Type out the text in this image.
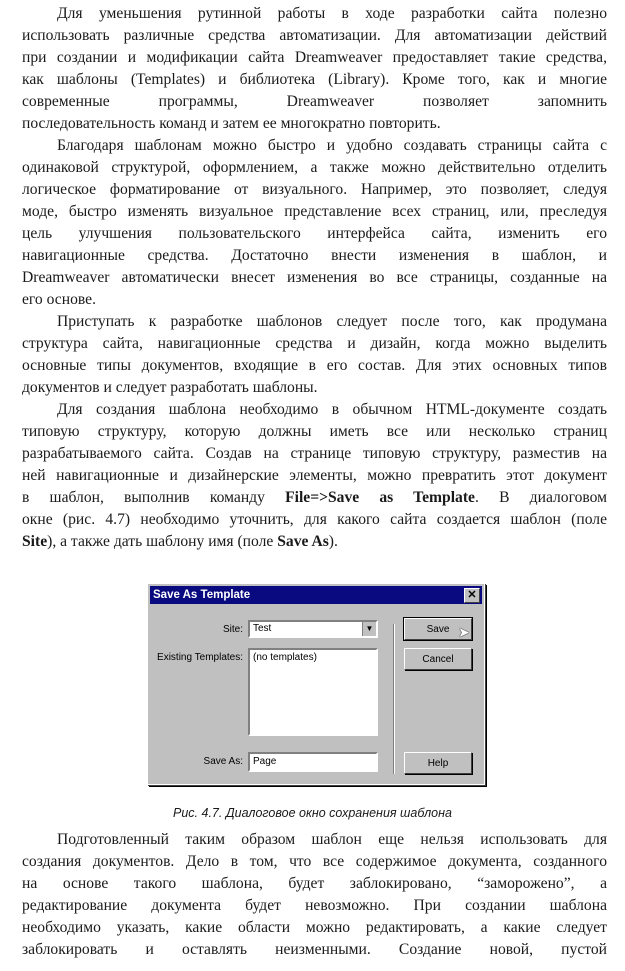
Для уменьшения рутинной работы в ходе разработки сайта полезно
использовать различные средства автоматизации. Для автоматизации действий
при создании и модификации сайта Dreamweaver предоставляет такие средства,
как шаблоны (Templates) и библиотека (Library). Кроме того, как и многие
современные программы, Dreamweaver позволяет запомнить
последовательность команд и затем ее многократно повторить.
Благодаря шаблонам можно быстро и удобно создавать страницы сайта с
одинаковой структурой, оформлением, а также можно действительно отделить
логическое форматирование от визуального. Например, это позволяет, следуя
моде, быстро изменять визуальное представление всех страниц, или, преследуя
цель улучшения пользовательского интерфейса сайта, изменить его
навигационные средства. Достаточно внести изменения в шаблон, и
Dreamweaver автоматически внесет изменения во все страницы, созданные на
его основе.
Приступать к разработке шаблонов следует после того, как продумана
структура сайта, навигационные средства и дизайн, когда можно выделить
основные типы документов, входящие в его состав. Для этих основных типов
документов и следует разработать шаблоны.
Для создания шаблона необходимо в обычном HTML-документе создать
типовую структуру, которую должны иметь все или несколько страниц
разрабатываемого сайта. Создав на странице типовую структуру, разместив на
ней навигационные и дизайнерские элементы, можно превратить этот документ
в шаблон, выполнив команду File=>Save as Template. В диалоговом
окне (рис. 4.7) необходимо уточнить, для какого сайта создается шаблон (поле
Site), а также дать шаблону имя (поле Save As).
Save As Template	✕
Site:	Test	▼
Existing Templates: (no templates)
Save As:	Page
Save ➤
Cancel
Help
Рис. 4.7. Диалоговое окно сохранения шаблона
Подготовленный таким образом шаблон еще нельзя использовать для
создания документов. Дело в том, что все содержимое документа, созданного
на основе такого шаблона, будет заблокировано, “заморожено”, а
редактирование документа будет невозможно. При создании шаблона
необходимо указать, какие области можно редактировать, а какие следует
заблокировать и оставлять неизменными. Создание новой, пустой
